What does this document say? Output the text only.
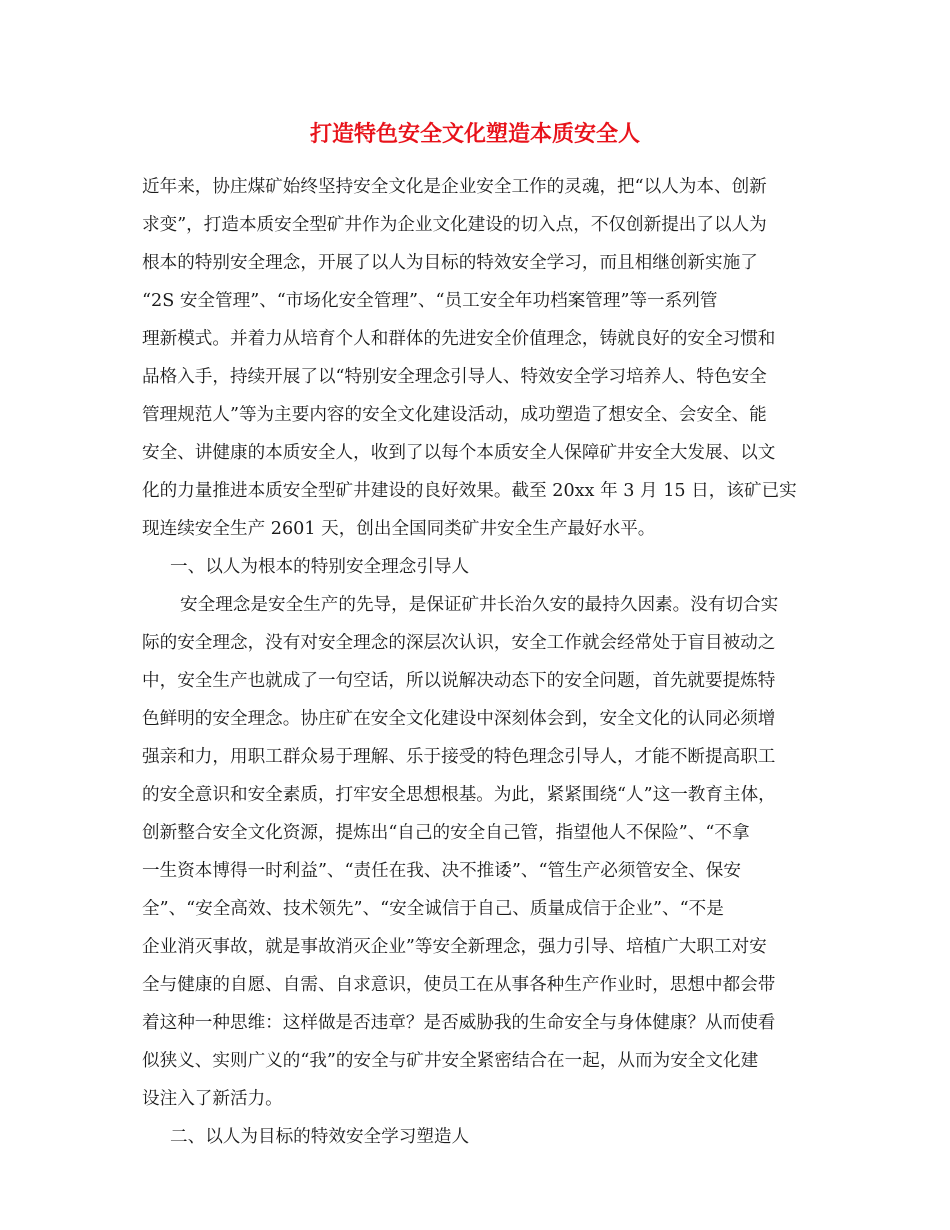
打造特色安全文化塑造本质安全人
近年来，协庄煤矿始终坚持安全文化是企业安全工作的灵魂，把“以人为本、创新
求变”，打造本质安全型矿井作为企业文化建设的切入点，不仅创新提出了以人为
根本的特别安全理念，开展了以人为目标的特效安全学习，而且相继创新实施了
“2S 安全管理”、“市场化安全管理”、“员工安全年功档案管理”等一系列管
理新模式。并着力从培育个人和群体的先进安全价值理念，铸就良好的安全习惯和
品格入手，持续开展了以“特别安全理念引导人、特效安全学习培养人、特色安全
管理规范人”等为主要内容的安全文化建设活动，成功塑造了想安全、会安全、能
安全、讲健康的本质安全人，收到了以每个本质安全人保障矿井安全大发展、以文
化的力量推进本质安全型矿井建设的良好效果。截至 20xx 年 3 月 15 日，该矿已实
现连续安全生产 2601 天，创出全国同类矿井安全生产最好水平。
一、以人为根本的特别安全理念引导人
安全理念是安全生产的先导，是保证矿井长治久安的最持久因素。没有切合实
际的安全理念，没有对安全理念的深层次认识，安全工作就会经常处于盲目被动之
中，安全生产也就成了一句空话，所以说解决动态下的安全问题，首先就要提炼特
色鲜明的安全理念。协庄矿在安全文化建设中深刻体会到，安全文化的认同必须增
强亲和力，用职工群众易于理解、乐于接受的特色理念引导人，才能不断提高职工
的安全意识和安全素质，打牢安全思想根基。为此，紧紧围绕“人”这一教育主体，
创新整合安全文化资源，提炼出“自己的安全自己管，指望他人不保险”、“不拿
一生资本博得一时利益”、“责任在我、决不推诿”、“管生产必须管安全、保安
全”、“安全高效、技术领先”、“安全诚信于自己、质量成信于企业”、“不是
企业消灭事故，就是事故消灭企业”等安全新理念，强力引导、培植广大职工对安
全与健康的自愿、自需、自求意识，使员工在从事各种生产作业时，思想中都会带
着这种一种思维：这样做是否违章？是否威胁我的生命安全与身体健康？从而使看
似狭义、实则广义的“我”的安全与矿井安全紧密结合在一起，从而为安全文化建
设注入了新活力。
二、以人为目标的特效安全学习塑造人
